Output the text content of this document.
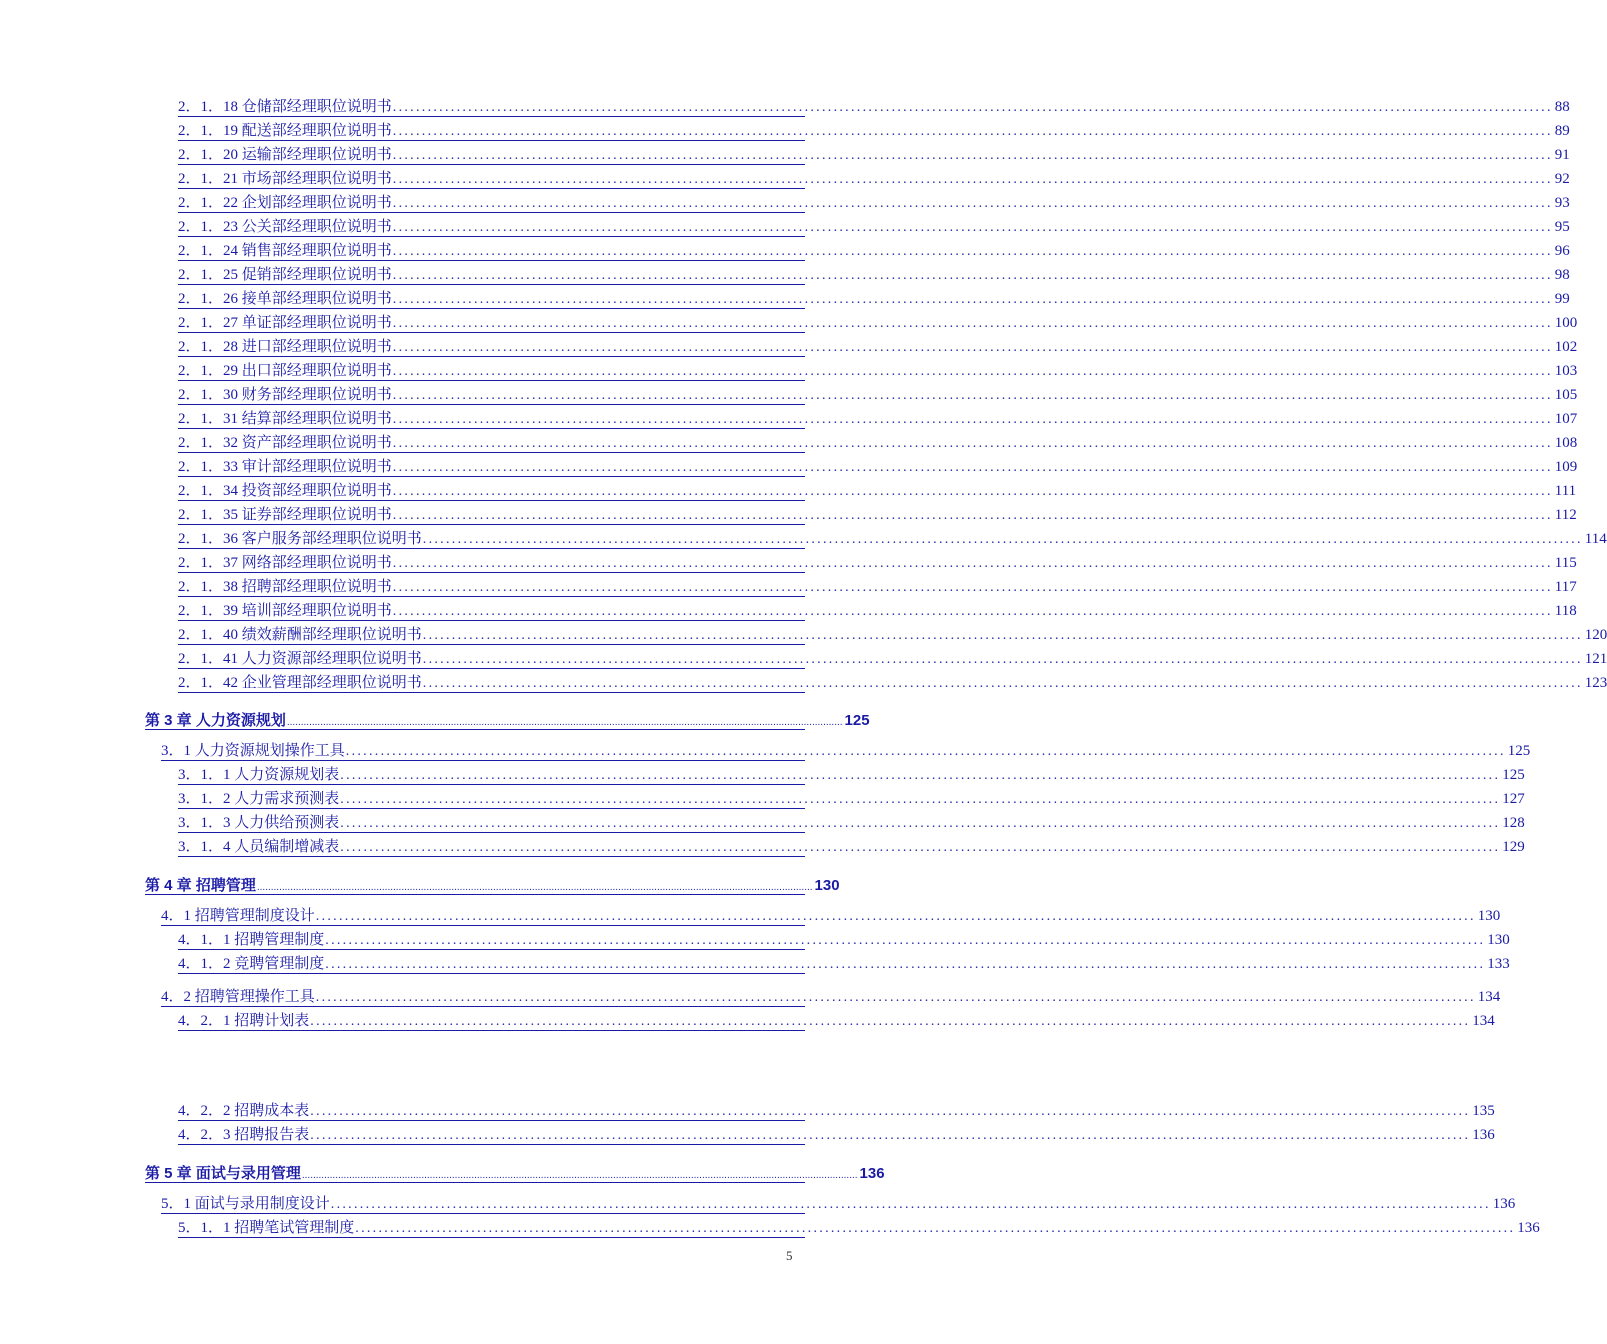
2．1．18 仓储部经理职位说明书 ........................................................................................................................................................................................................ 88
2．1．19 配送部经理职位说明书 ........................................................................................................................................................................................................ 89
2．1．20 运输部经理职位说明书 ........................................................................................................................................................................................................ 91
2．1．21 市场部经理职位说明书 ........................................................................................................................................................................................................ 92
2．1．22 企划部经理职位说明书 ........................................................................................................................................................................................................ 93
2．1．23 公关部经理职位说明书 ........................................................................................................................................................................................................ 95
2．1．24 销售部经理职位说明书 ........................................................................................................................................................................................................ 96
2．1．25 促销部经理职位说明书 ........................................................................................................................................................................................................ 98
2．1．26 接单部经理职位说明书 ........................................................................................................................................................................................................ 99
2．1．27 单证部经理职位说明书 ........................................................................................................................................................................................................ 100
2．1．28 进口部经理职位说明书 ........................................................................................................................................................................................................ 102
2．1．29 出口部经理职位说明书 ........................................................................................................................................................................................................ 103
2．1．30 财务部经理职位说明书 ........................................................................................................................................................................................................ 105
2．1．31 结算部经理职位说明书 ........................................................................................................................................................................................................ 107
2．1．32 资产部经理职位说明书 ........................................................................................................................................................................................................ 108
2．1．33 审计部经理职位说明书 ........................................................................................................................................................................................................ 109
2．1．34 投资部经理职位说明书 ........................................................................................................................................................................................................ 111
2．1．35 证券部经理职位说明书 ........................................................................................................................................................................................................ 112
2．1．36 客户服务部经理职位说明书 ........................................................................................................................................................................................................ 114
2．1．37 网络部经理职位说明书 ........................................................................................................................................................................................................ 115
2．1．38 招聘部经理职位说明书 ........................................................................................................................................................................................................ 117
2．1．39 培训部经理职位说明书 ........................................................................................................................................................................................................ 118
2．1．40 绩效薪酬部经理职位说明书 ........................................................................................................................................................................................................ 120
2．1．41 人力资源部经理职位说明书 ........................................................................................................................................................................................................ 121
2．1．42 企业管理部经理职位说明书 ........................................................................................................................................................................................................ 123
第 3 章 人力资源规划 ........................................................................................................................................................................................................ 125
3．1 人力资源规划操作工具 ........................................................................................................................................................................................................ 125
3．1．1 人力资源规划表 ........................................................................................................................................................................................................ 125
3．1．2 人力需求预测表 ........................................................................................................................................................................................................ 127
3．1．3 人力供给预测表 ........................................................................................................................................................................................................ 128
3．1．4 人员编制增减表 ........................................................................................................................................................................................................ 129
第 4 章 招聘管理 ........................................................................................................................................................................................................ 130
4．1 招聘管理制度设计 ........................................................................................................................................................................................................ 130
4．1．1 招聘管理制度 ........................................................................................................................................................................................................ 130
4．1．2 竞聘管理制度 ........................................................................................................................................................................................................ 133
4．2 招聘管理操作工具 ........................................................................................................................................................................................................ 134
4．2．1 招聘计划表 ........................................................................................................................................................................................................ 134
4．2．2 招聘成本表 ........................................................................................................................................................................................................ 135
4．2．3 招聘报告表 ........................................................................................................................................................................................................ 136
第 5 章 面试与录用管理 ........................................................................................................................................................................................................ 136
5．1 面试与录用制度设计 ........................................................................................................................................................................................................ 136
5．1．1 招聘笔试管理制度 ........................................................................................................................................................................................................ 136
5
